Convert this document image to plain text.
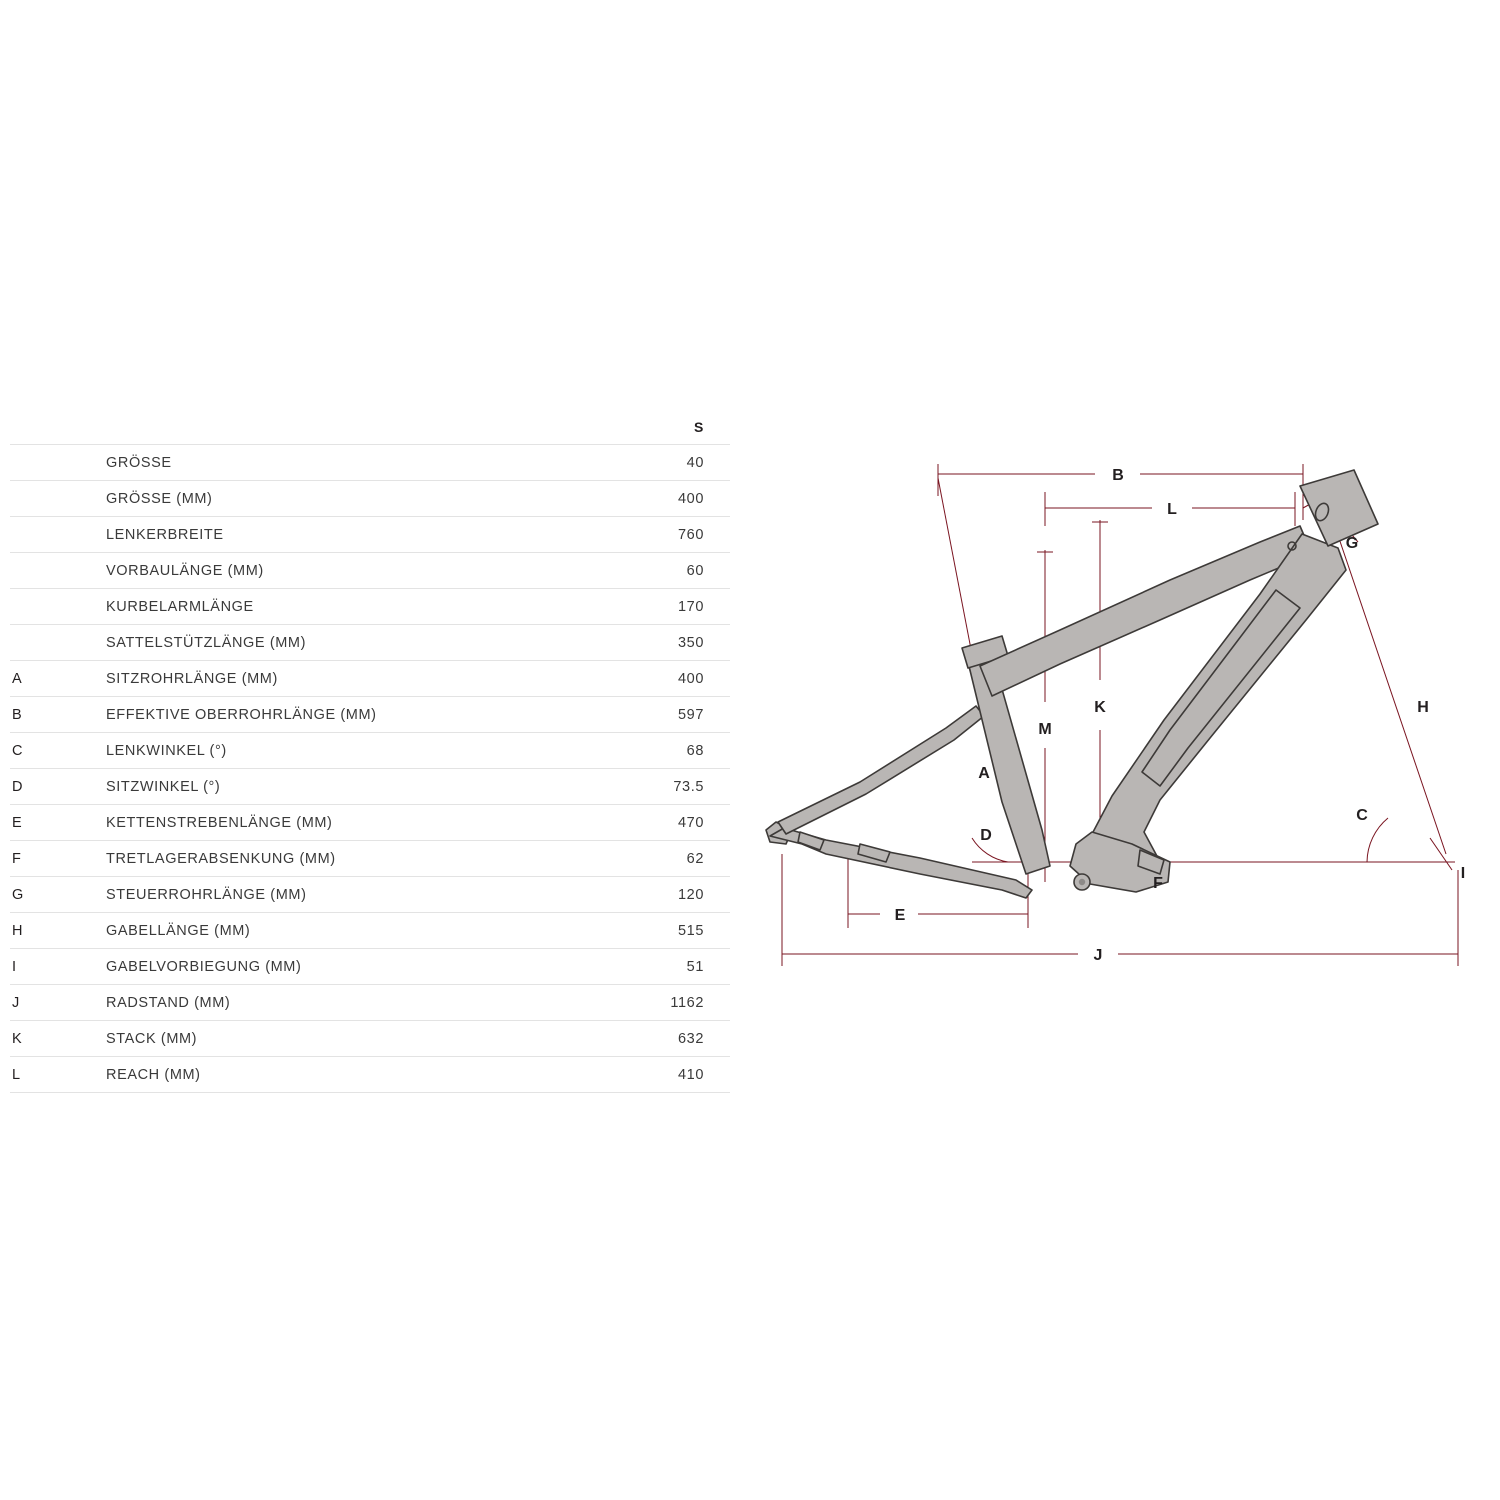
		S
	GRÖSSE	40
	GRÖSSE (MM)	400
	LENKERBREITE	760
	VORBAULÄNGE (MM)	60
	KURBELARMLÄNGE	170
	SATTELSTÜTZLÄNGE (MM)	350
A	SITZROHRLÄNGE (MM)	400
B	EFFEKTIVE OBERROHRLÄNGE (MM)	597
C	LENKWINKEL (°)	68
D	SITZWINKEL (°)	73.5
E	KETTENSTREBENLÄNGE (MM)	470
F	TRETLAGERABSENKUNG (MM)	62
G	STEUERROHRLÄNGE (MM)	120
H	GABELLÄNGE (MM)	515
I	GABELVORBIEGUNG (MM)	51
J	RADSTAND (MM)	1162
K	STACK (MM)	632
L	REACH (MM)	410
B
L
K
M
A
D
C
H
G
I
F
E
J
